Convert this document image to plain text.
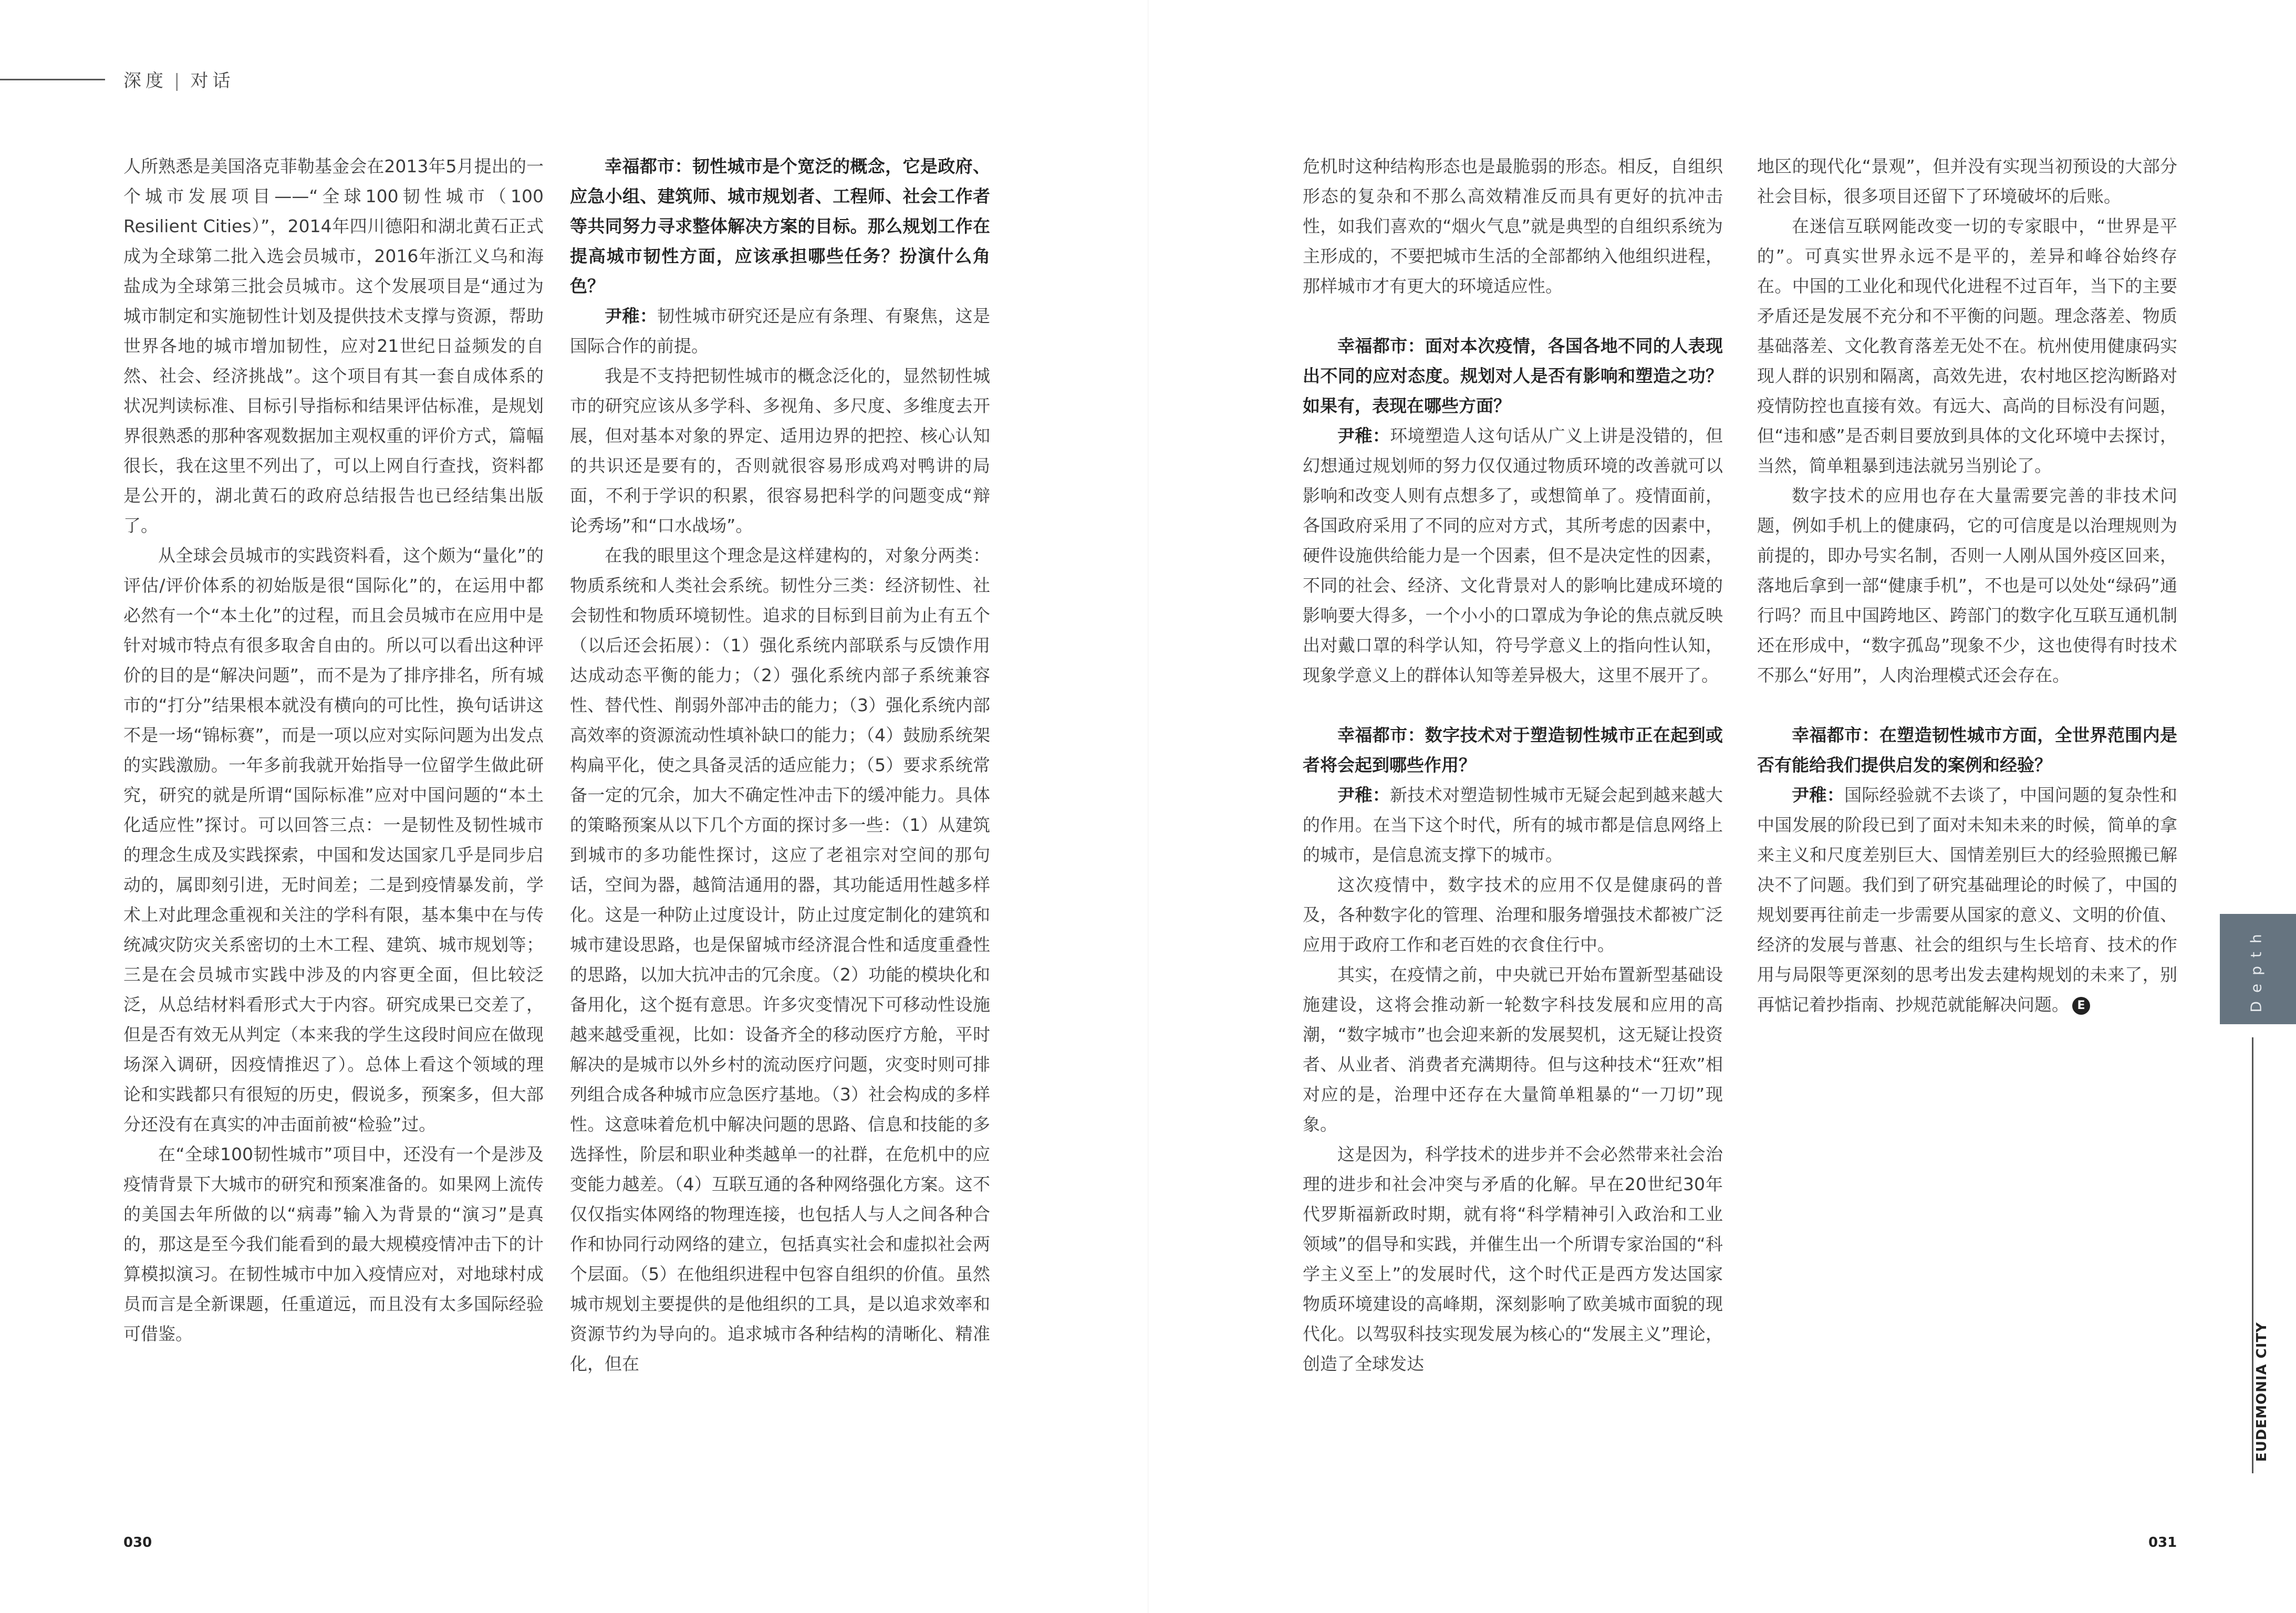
深度 | 对话

人所熟悉是美国洛克菲勒基金会在2013年5月提出的一个城市发展项目——“全球100韧性城市（100 Resilient Cities）”，2014年四川德阳和湖北黄石正式成为全球第二批入选会员城市，2016年浙江义乌和海盐成为全球第三批会员城市。这个发展项目是“通过为城市制定和实施韧性计划及提供技术支撑与资源，帮助世界各地的城市增加韧性，应对21世纪日益频发的自然、社会、经济挑战”。这个项目有其一套自成体系的状况判读标准、目标引导指标和结果评估标准，是规划界很熟悉的那种客观数据加主观权重的评价方式，篇幅很长，我在这里不列出了，可以上网自行查找，资料都是公开的，湖北黄石的政府总结报告也已经结集出版了。

从全球会员城市的实践资料看，这个颇为“量化”的评估/评价体系的初始版是很“国际化”的，在运用中都必然有一个“本土化”的过程，而且会员城市在应用中是针对城市特点有很多取舍自由的。所以可以看出这种评价的目的是“解决问题”，而不是为了排序排名，所有城市的“打分”结果根本就没有横向的可比性，换句话讲这不是一场“锦标赛”，而是一项以应对实际问题为出发点的实践激励。一年多前我就开始指导一位留学生做此研究，研究的就是所谓“国际标准”应对中国问题的“本土化适应性”探讨。可以回答三点：一是韧性及韧性城市的理念生成及实践探索，中国和发达国家几乎是同步启动的，属即刻引进，无时间差；二是到疫情暴发前，学术上对此理念重视和关注的学科有限，基本集中在与传统减灾防灾关系密切的土木工程、建筑、城市规划等；三是在会员城市实践中涉及的内容更全面，但比较泛泛，从总结材料看形式大于内容。研究成果已交差了，但是否有效无从判定（本来我的学生这段时间应在做现场深入调研，因疫情推迟了）。总体上看这个领域的理论和实践都只有很短的历史，假说多，预案多，但大部分还没有在真实的冲击面前被“检验”过。

在“全球100韧性城市”项目中，还没有一个是涉及疫情背景下大城市的研究和预案准备的。如果网上流传的美国去年所做的以“病毒”输入为背景的“演习”是真的，那这是至今我们能看到的最大规模疫情冲击下的计算模拟演习。在韧性城市中加入疫情应对，对地球村成员而言是全新课题，任重道远，而且没有太多国际经验可借鉴。

幸福都市：韧性城市是个宽泛的概念，它是政府、应急小组、建筑师、城市规划者、工程师、社会工作者等共同努力寻求整体解决方案的目标。那么规划工作在提高城市韧性方面，应该承担哪些任务？扮演什么角色？

尹稚：韧性城市研究还是应有条理、有聚焦，这是国际合作的前提。

我是不支持把韧性城市的概念泛化的，显然韧性城市的研究应该从多学科、多视角、多尺度、多维度去开展，但对基本对象的界定、适用边界的把控、核心认知的共识还是要有的，否则就很容易形成鸡对鸭讲的局面，不利于学识的积累，很容易把科学的问题变成“辩论秀场”和“口水战场”。

在我的眼里这个理念是这样建构的，对象分两类：物质系统和人类社会系统。韧性分三类：经济韧性、社会韧性和物质环境韧性。追求的目标到目前为止有五个（以后还会拓展）：（1）强化系统内部联系与反馈作用达成动态平衡的能力；（2）强化系统内部子系统兼容性、替代性、削弱外部冲击的能力；（3）强化系统内部高效率的资源流动性填补缺口的能力；（4）鼓励系统架构扁平化，使之具备灵活的适应能力；（5）要求系统常备一定的冗余，加大不确定性冲击下的缓冲能力。具体的策略预案从以下几个方面的探讨多一些：（1）从建筑到城市的多功能性探讨，这应了老祖宗对空间的那句话，空间为器，越简洁通用的器，其功能适用性越多样化。这是一种防止过度设计，防止过度定制化的建筑和城市建设思路，也是保留城市经济混合性和适度重叠性的思路，以加大抗冲击的冗余度。（2）功能的模块化和备用化，这个挺有意思。许多灾变情况下可移动性设施越来越受重视，比如：设备齐全的移动医疗方舱，平时解决的是城市以外乡村的流动医疗问题，灾变时则可排列组合成各种城市应急医疗基地。（3）社会构成的多样性。这意味着危机中解决问题的思路、信息和技能的多选择性，阶层和职业种类越单一的社群，在危机中的应变能力越差。（4）互联互通的各种网络强化方案。这不仅仅指实体网络的物理连接，也包括人与人之间各种合作和协同行动网络的建立，包括真实社会和虚拟社会两个层面。（5）在他组织进程中包容自组织的价值。虽然城市规划主要提供的是他组织的工具，是以追求效率和资源节约为导向的。追求城市各种结构的清晰化、精准化，但在

危机时这种结构形态也是最脆弱的形态。相反，自组织形态的复杂和不那么高效精准反而具有更好的抗冲击性，如我们喜欢的“烟火气息”就是典型的自组织系统为主形成的，不要把城市生活的全部都纳入他组织进程，那样城市才有更大的环境适应性。

幸福都市：面对本次疫情，各国各地不同的人表现出不同的应对态度。规划对人是否有影响和塑造之功？如果有，表现在哪些方面？

尹稚：环境塑造人这句话从广义上讲是没错的，但幻想通过规划师的努力仅仅通过物质环境的改善就可以影响和改变人则有点想多了，或想简单了。疫情面前，各国政府采用了不同的应对方式，其所考虑的因素中，硬件设施供给能力是一个因素，但不是决定性的因素，不同的社会、经济、文化背景对人的影响比建成环境的影响要大得多，一个小小的口罩成为争论的焦点就反映出对戴口罩的科学认知，符号学意义上的指向性认知，现象学意义上的群体认知等差异极大，这里不展开了。

幸福都市：数字技术对于塑造韧性城市正在起到或者将会起到哪些作用？

尹稚：新技术对塑造韧性城市无疑会起到越来越大的作用。在当下这个时代，所有的城市都是信息网络上的城市，是信息流支撑下的城市。

这次疫情中，数字技术的应用不仅是健康码的普及，各种数字化的管理、治理和服务增强技术都被广泛应用于政府工作和老百姓的衣食住行中。

其实，在疫情之前，中央就已开始布置新型基础设施建设，这将会推动新一轮数字科技发展和应用的高潮，“数字城市”也会迎来新的发展契机，这无疑让投资者、从业者、消费者充满期待。但与这种技术“狂欢”相对应的是，治理中还存在大量简单粗暴的“一刀切”现象。

这是因为，科学技术的进步并不会必然带来社会治理的进步和社会冲突与矛盾的化解。早在20世纪30年代罗斯福新政时期，就有将“科学精神引入政治和工业领域”的倡导和实践，并催生出一个所谓专家治国的“科学主义至上”的发展时代，这个时代正是西方发达国家物质环境建设的高峰期，深刻影响了欧美城市面貌的现代化。以驾驭科技实现发展为核心的“发展主义”理论，创造了全球发达

地区的现代化“景观”，但并没有实现当初预设的大部分社会目标，很多项目还留下了环境破坏的后账。

在迷信互联网能改变一切的专家眼中，“世界是平的”。可真实世界永远不是平的，差异和峰谷始终存在。中国的工业化和现代化进程不过百年，当下的主要矛盾还是发展不充分和不平衡的问题。理念落差、物质基础落差、文化教育落差无处不在。杭州使用健康码实现人群的识别和隔离，高效先进，农村地区挖沟断路对疫情防控也直接有效。有远大、高尚的目标没有问题，但“违和感”是否刺目要放到具体的文化环境中去探讨，当然，简单粗暴到违法就另当别论了。

数字技术的应用也存在大量需要完善的非技术问题，例如手机上的健康码，它的可信度是以治理规则为前提的，即办号实名制，否则一人刚从国外疫区回来，落地后拿到一部“健康手机”，不也是可以处处“绿码”通行吗？而且中国跨地区、跨部门的数字化互联互通机制还在形成中，“数字孤岛”现象不少，这也使得有时技术不那么“好用”，人肉治理模式还会存在。

幸福都市：在塑造韧性城市方面，全世界范围内是否有能给我们提供启发的案例和经验？

尹稚：国际经验就不去谈了，中国问题的复杂性和中国发展的阶段已到了面对未知未来的时候，简单的拿来主义和尺度差别巨大、国情差别巨大的经验照搬已解决不了问题。我们到了研究基础理论的时候了，中国的规划要再往前走一步需要从国家的意义、文明的价值、经济的发展与普惠、社会的组织与生长培育、技术的作用与局限等更深刻的思考出发去建构规划的未来了，别再惦记着抄指南、抄规范就能解决问题。 E	Depth
EUDEMONIA CITY
030	031
